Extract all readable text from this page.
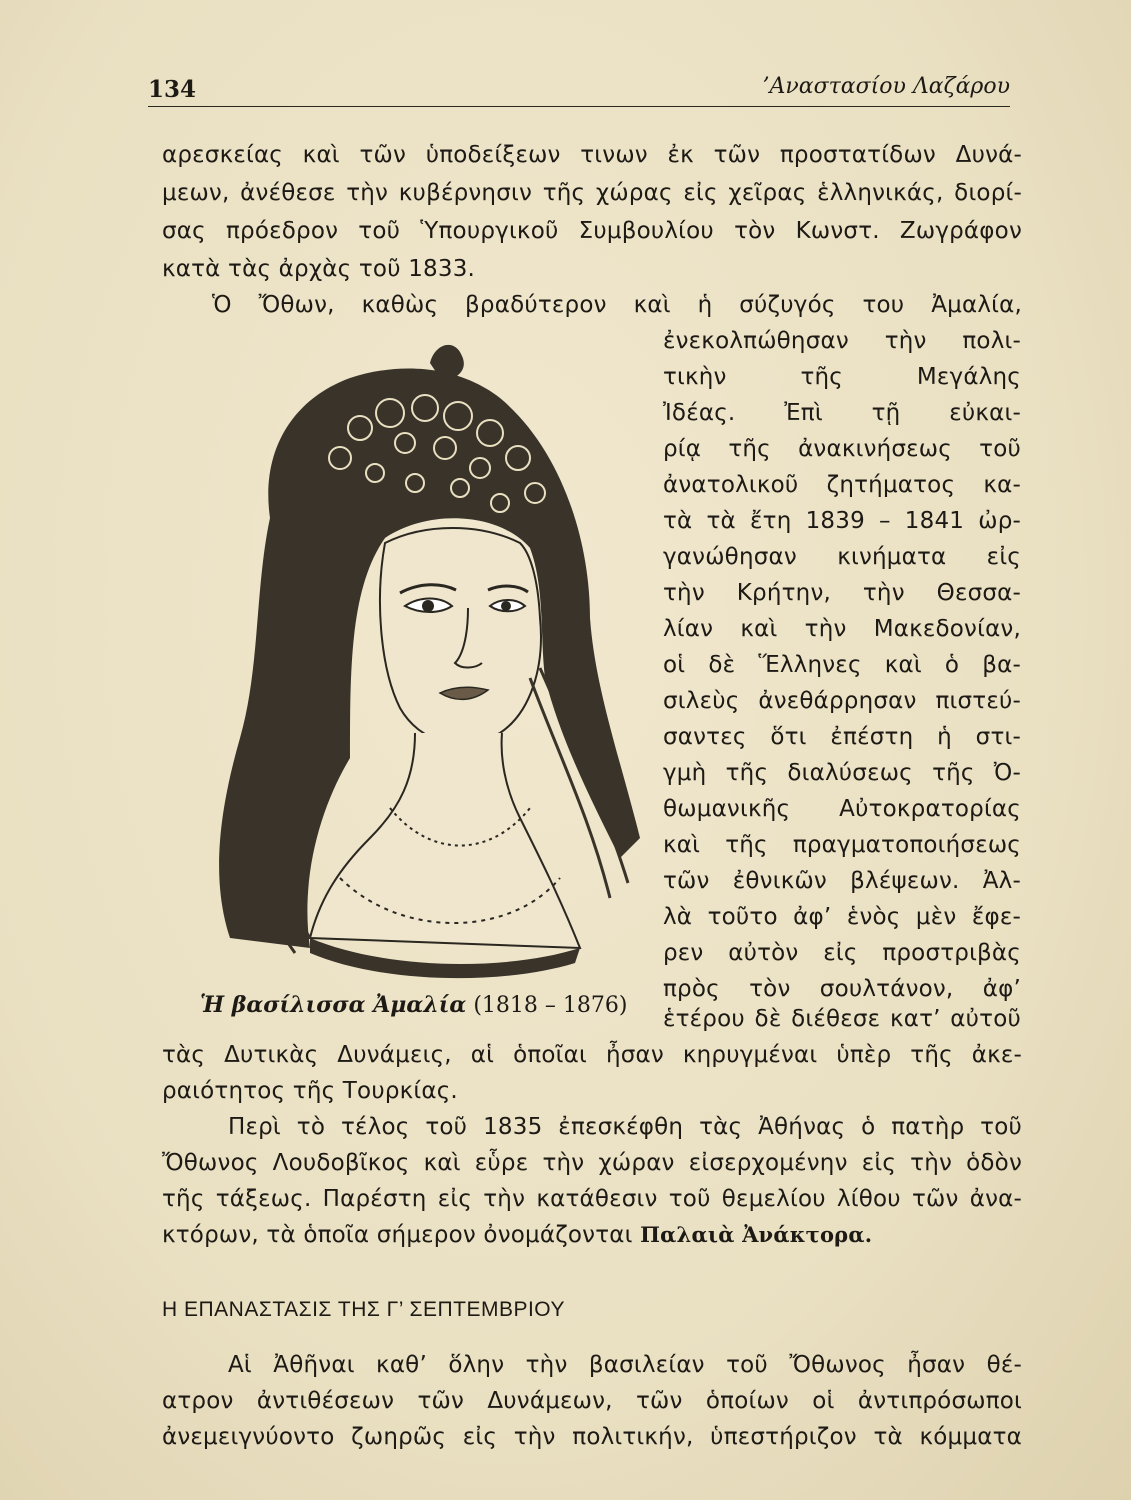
134	’Αναστασίου Λαζάρου
αρεσκείας καὶ τῶν ὑποδείξεων τινων ἐκ τῶν προστατίδων Δυνά-
μεων, ἀνέθεσε τὴν κυβέρνησιν τῆς χώρας εἰς χεῖρας ἑλληνικάς, διορί-
σας πρόεδρον τοῦ Ὑπουργικοῦ Συμβουλίου τὸν Κωνστ. Ζωγράφον
κατὰ τὰς ἀρχὰς τοῦ 1833.
Ὁ Ὄθων, καθὼς βραδύτερον καὶ ἡ σύζυγός του Ἀμαλία,
ἐνεκολπώθησαν τὴν πολι-
τικὴν τῆς Μεγάλης
Ἰδέας. Ἐπὶ τῇ εὐκαι-
ρίᾳ τῆς ἀνακινήσεως τοῦ
ἀνατολικοῦ ζητήματος κα-
τὰ τὰ ἔτη 1839 – 1841 ὠρ-
γανώθησαν κινήματα εἰς
τὴν Κρήτην, τὴν Θεσσα-
λίαν καὶ τὴν Μακεδονίαν,
οἱ δὲ Ἕλληνες καὶ ὁ βα-
σιλεὺς ἀνεθάρρησαν πιστεύ-
σαντες ὅτι ἐπέστη ἡ στι-
γμὴ τῆς διαλύσεως τῆς Ὀ-
θωμανικῆς Αὐτοκρατορίας
καὶ τῆς πραγματοποιήσεως
τῶν ἐθνικῶν βλέψεων. Ἀλ-
λὰ τοῦτο ἀφ’ ἑνὸς μὲν ἔφε-
ρεν αὐτὸν εἰς προστριβὰς
πρὸς τὸν σουλτάνον, ἀφ’
ἑτέρου δὲ διέθεσε κατ’ αὐτοῦ
Ἡ βασίλισσα Ἀμαλία (1818 – 1876)
τὰς Δυτικὰς Δυνάμεις, αἱ ὁποῖαι ἦσαν κηρυγμέναι ὑπὲρ τῆς ἀκε-
ραιότητος τῆς Τουρκίας.
Περὶ τὸ τέλος τοῦ 1835 ἐπεσκέφθη τὰς Ἀθήνας ὁ πατὴρ τοῦ
Ὄθωνος Λουδοβῖκος καὶ εὗρε τὴν χώραν εἰσερχομένην εἰς τὴν ὁδὸν
τῆς τάξεως. Παρέστη εἰς τὴν κατάθεσιν τοῦ θεμελίου λίθου τῶν ἀνα-
κτόρων, τὰ ὁποῖα σήμερον ὀνομάζονται Παλαιὰ Ἀνάκτορα.
Η ΕΠΑΝΑΣΤΑΣΙΣ ΤΗΣ Γ’ ΣΕΠΤΕΜΒΡΙΟΥ
Αἱ Ἀθῆναι καθ’ ὅλην τὴν βασιλείαν τοῦ Ὄθωνος ἦσαν θέ-
ατρον ἀντιθέσεων τῶν Δυνάμεων, τῶν ὁποίων οἱ ἀντιπρόσωποι
ἀνεμειγνύοντο ζωηρῶς εἰς τὴν πολιτικήν, ὑπεστήριζον τὰ κόμματα
